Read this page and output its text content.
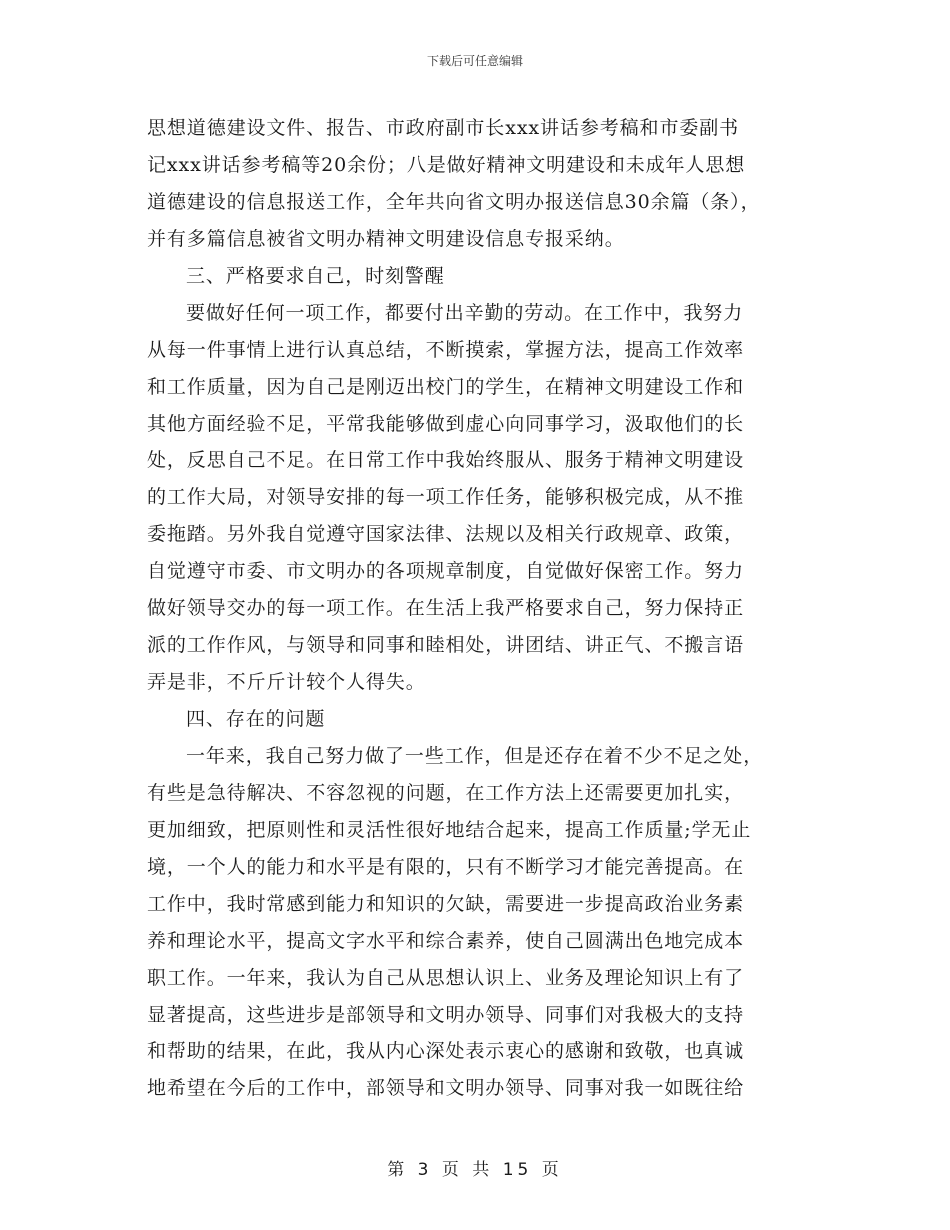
下载后可任意编辑
思想道德建设文件、报告、市政府副市长xxx讲话参考稿和市委副书
记xxx讲话参考稿等20余份；八是做好精神文明建设和未成年人思想
道德建设的信息报送工作，全年共向省文明办报送信息30余篇（条），
并有多篇信息被省文明办精神文明建设信息专报采纳。
三、严格要求自己，时刻警醒
要做好任何一项工作，都要付出辛勤的劳动。在工作中，我努力
从每一件事情上进行认真总结，不断摸索，掌握方法，提高工作效率
和工作质量，因为自己是刚迈出校门的学生，在精神文明建设工作和
其他方面经验不足，平常我能够做到虚心向同事学习，汲取他们的长
处，反思自己不足。在日常工作中我始终服从、服务于精神文明建设
的工作大局，对领导安排的每一项工作任务，能够积极完成，从不推
委拖踏。另外我自觉遵守国家法律、法规以及相关行政规章、政策，
自觉遵守市委、市文明办的各项规章制度，自觉做好保密工作。努力
做好领导交办的每一项工作。在生活上我严格要求自己，努力保持正
派的工作作风，与领导和同事和睦相处，讲团结、讲正气、不搬言语
弄是非，不斤斤计较个人得失。
四、存在的问题
一年来，我自己努力做了一些工作，但是还存在着不少不足之处，
有些是急待解决、不容忽视的问题，在工作方法上还需要更加扎实，
更加细致，把原则性和灵活性很好地结合起来，提高工作质量;学无止
境，一个人的能力和水平是有限的，只有不断学习才能完善提高。在
工作中，我时常感到能力和知识的欠缺，需要进一步提高政治业务素
养和理论水平，提高文字水平和综合素养，使自己圆满出色地完成本
职工作。一年来，我认为自己从思想认识上、业务及理论知识上有了
显著提高，这些进步是部领导和文明办领导、同事们对我极大的支持
和帮助的结果，在此，我从内心深处表示衷心的感谢和致敬，也真诚
地希望在今后的工作中，部领导和文明办领导、同事对我一如既往给
第 3 页 共 15 页
